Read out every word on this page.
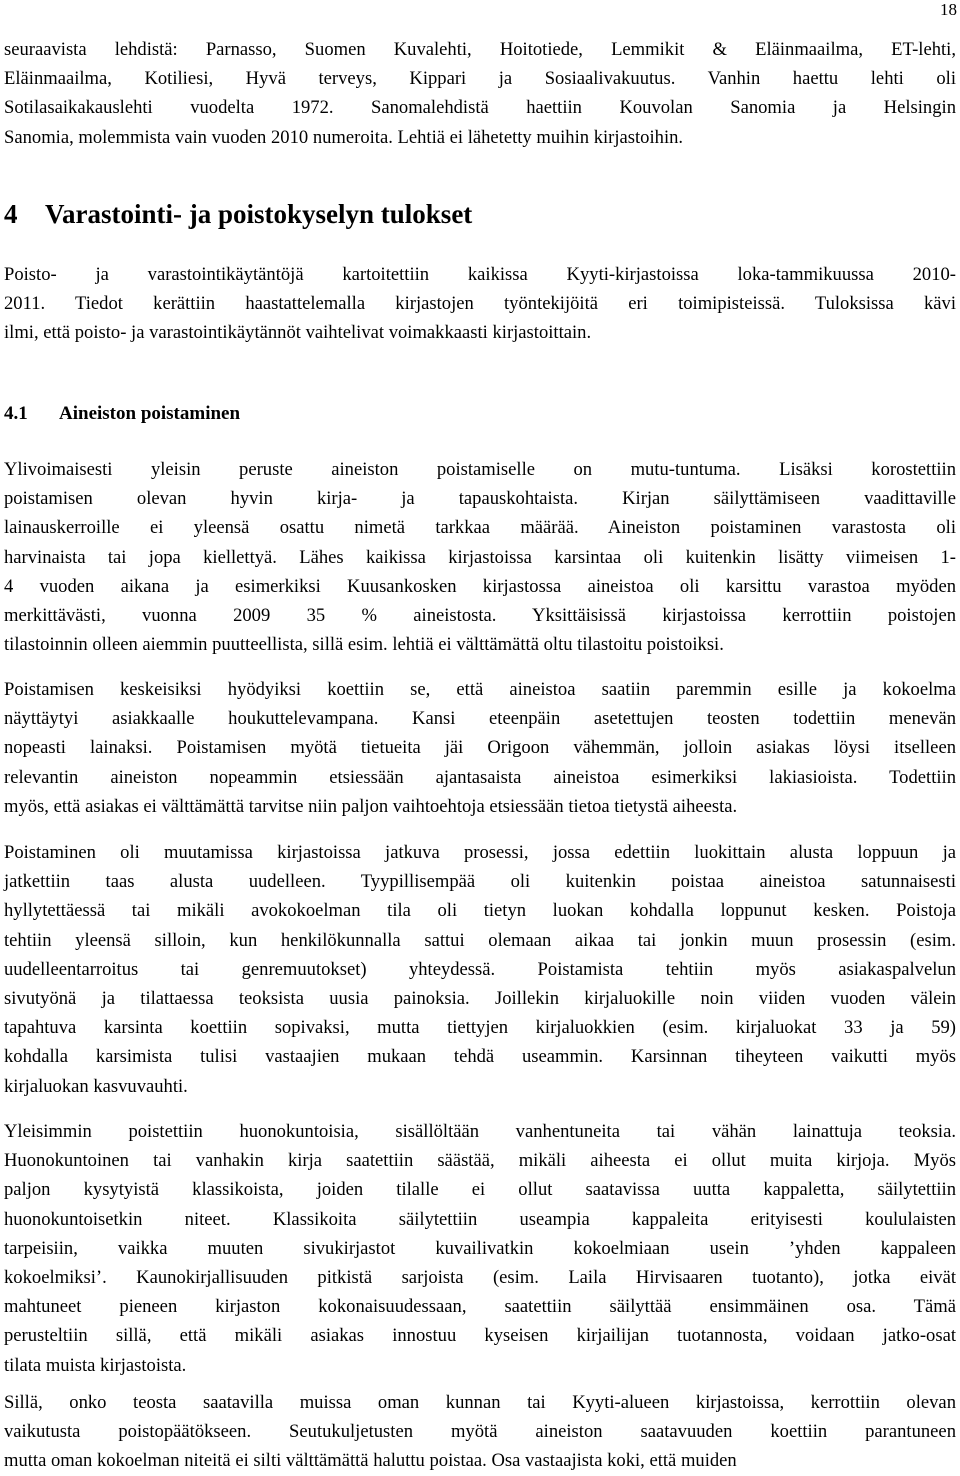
18
seuraavista lehdistä: Parnasso, Suomen Kuvalehti, Hoitotiede, Lemmikit & Eläinmaailma, ET-lehti,
Eläinmaailma, Kotiliesi, Hyvä terveys, Kippari ja Sosiaalivakuutus. Vanhin haettu lehti oli
Sotilasaikakauslehti vuodelta 1972. Sanomalehdistä haettiin Kouvolan Sanomia ja Helsingin
Sanomia, molemmista vain vuoden 2010 numeroita. Lehtiä ei lähetetty muihin kirjastoihin.
4 Varastointi- ja poistokyselyn tulokset
Poisto- ja varastointikäytäntöjä kartoitettiin kaikissa Kyyti-kirjastoissa loka-tammikuussa 2010-
2011. Tiedot kerättiin haastattelemalla kirjastojen työntekijöitä eri toimipisteissä. Tuloksissa kävi
ilmi, että poisto- ja varastointikäytännöt vaihtelivat voimakkaasti kirjastoittain.
4.1 Aineiston poistaminen
Ylivoimaisesti yleisin peruste aineiston poistamiselle on mutu-tuntuma. Lisäksi korostettiin
poistamisen olevan hyvin kirja- ja tapauskohtaista. Kirjan säilyttämiseen vaadittaville
lainauskerroille ei yleensä osattu nimetä tarkkaa määrää. Aineiston poistaminen varastosta oli
harvinaista tai jopa kiellettyä. Lähes kaikissa kirjastoissa karsintaa oli kuitenkin lisätty viimeisen 1-
4 vuoden aikana ja esimerkiksi Kuusankosken kirjastossa aineistoa oli karsittu varastoa myöden
merkittävästi, vuonna 2009 35 % aineistosta. Yksittäisissä kirjastoissa kerrottiin poistojen
tilastoinnin olleen aiemmin puutteellista, sillä esim. lehtiä ei välttämättä oltu tilastoitu poistoiksi.
Poistamisen keskeisiksi hyödyiksi koettiin se, että aineistoa saatiin paremmin esille ja kokoelma
näyttäytyi asiakkaalle houkuttelevampana. Kansi eteenpäin asetettujen teosten todettiin menevän
nopeasti lainaksi. Poistamisen myötä tietueita jäi Origoon vähemmän, jolloin asiakas löysi itselleen
relevantin aineiston nopeammin etsiessään ajantasaista aineistoa esimerkiksi lakiasioista. Todettiin
myös, että asiakas ei välttämättä tarvitse niin paljon vaihtoehtoja etsiessään tietoa tietystä aiheesta.
Poistaminen oli muutamissa kirjastoissa jatkuva prosessi, jossa edettiin luokittain alusta loppuun ja
jatkettiin taas alusta uudelleen. Tyypillisempää oli kuitenkin poistaa aineistoa satunnaisesti
hyllytettäessä tai mikäli avokokoelman tila oli tietyn luokan kohdalla loppunut kesken. Poistoja
tehtiin yleensä silloin, kun henkilökunnalla sattui olemaan aikaa tai jonkin muun prosessin (esim.
uudelleentarroitus tai genremuutokset) yhteydessä. Poistamista tehtiin myös asiakaspalvelun
sivutyönä ja tilattaessa teoksista uusia painoksia. Joillekin kirjaluokille noin viiden vuoden välein
tapahtuva karsinta koettiin sopivaksi, mutta tiettyjen kirjaluokkien (esim. kirjaluokat 33 ja 59)
kohdalla karsimista tulisi vastaajien mukaan tehdä useammin. Karsinnan tiheyteen vaikutti myös
kirjaluokan kasvuvauhti.
Yleisimmin poistettiin huonokuntoisia, sisällöltään vanhentuneita tai vähän lainattuja teoksia.
Huonokuntoinen tai vanhakin kirja saatettiin säästää, mikäli aiheesta ei ollut muita kirjoja. Myös
paljon kysytyistä klassikoista, joiden tilalle ei ollut saatavissa uutta kappaletta, säilytettiin
huonokuntoisetkin niteet. Klassikoita säilytettiin useampia kappaleita erityisesti koululaisten
tarpeisiin, vaikka muuten sivukirjastot kuvailivatkin kokoelmiaan usein ’yhden kappaleen
kokoelmiksi’. Kaunokirjallisuuden pitkistä sarjoista (esim. Laila Hirvisaaren tuotanto), jotka eivät
mahtuneet pieneen kirjaston kokonaisuudessaan, saatettiin säilyttää ensimmäinen osa. Tämä
perusteltiin sillä, että mikäli asiakas innostuu kyseisen kirjailijan tuotannosta, voidaan jatko-osat
tilata muista kirjastoista.
Sillä, onko teosta saatavilla muissa oman kunnan tai Kyyti-alueen kirjastoissa, kerrottiin olevan
vaikutusta poistopäätökseen. Seutukuljetusten myötä aineiston saatavuuden koettiin parantuneen
mutta oman kokoelman niteitä ei silti välttämättä haluttu poistaa. Osa vastaajista koki, että muiden
